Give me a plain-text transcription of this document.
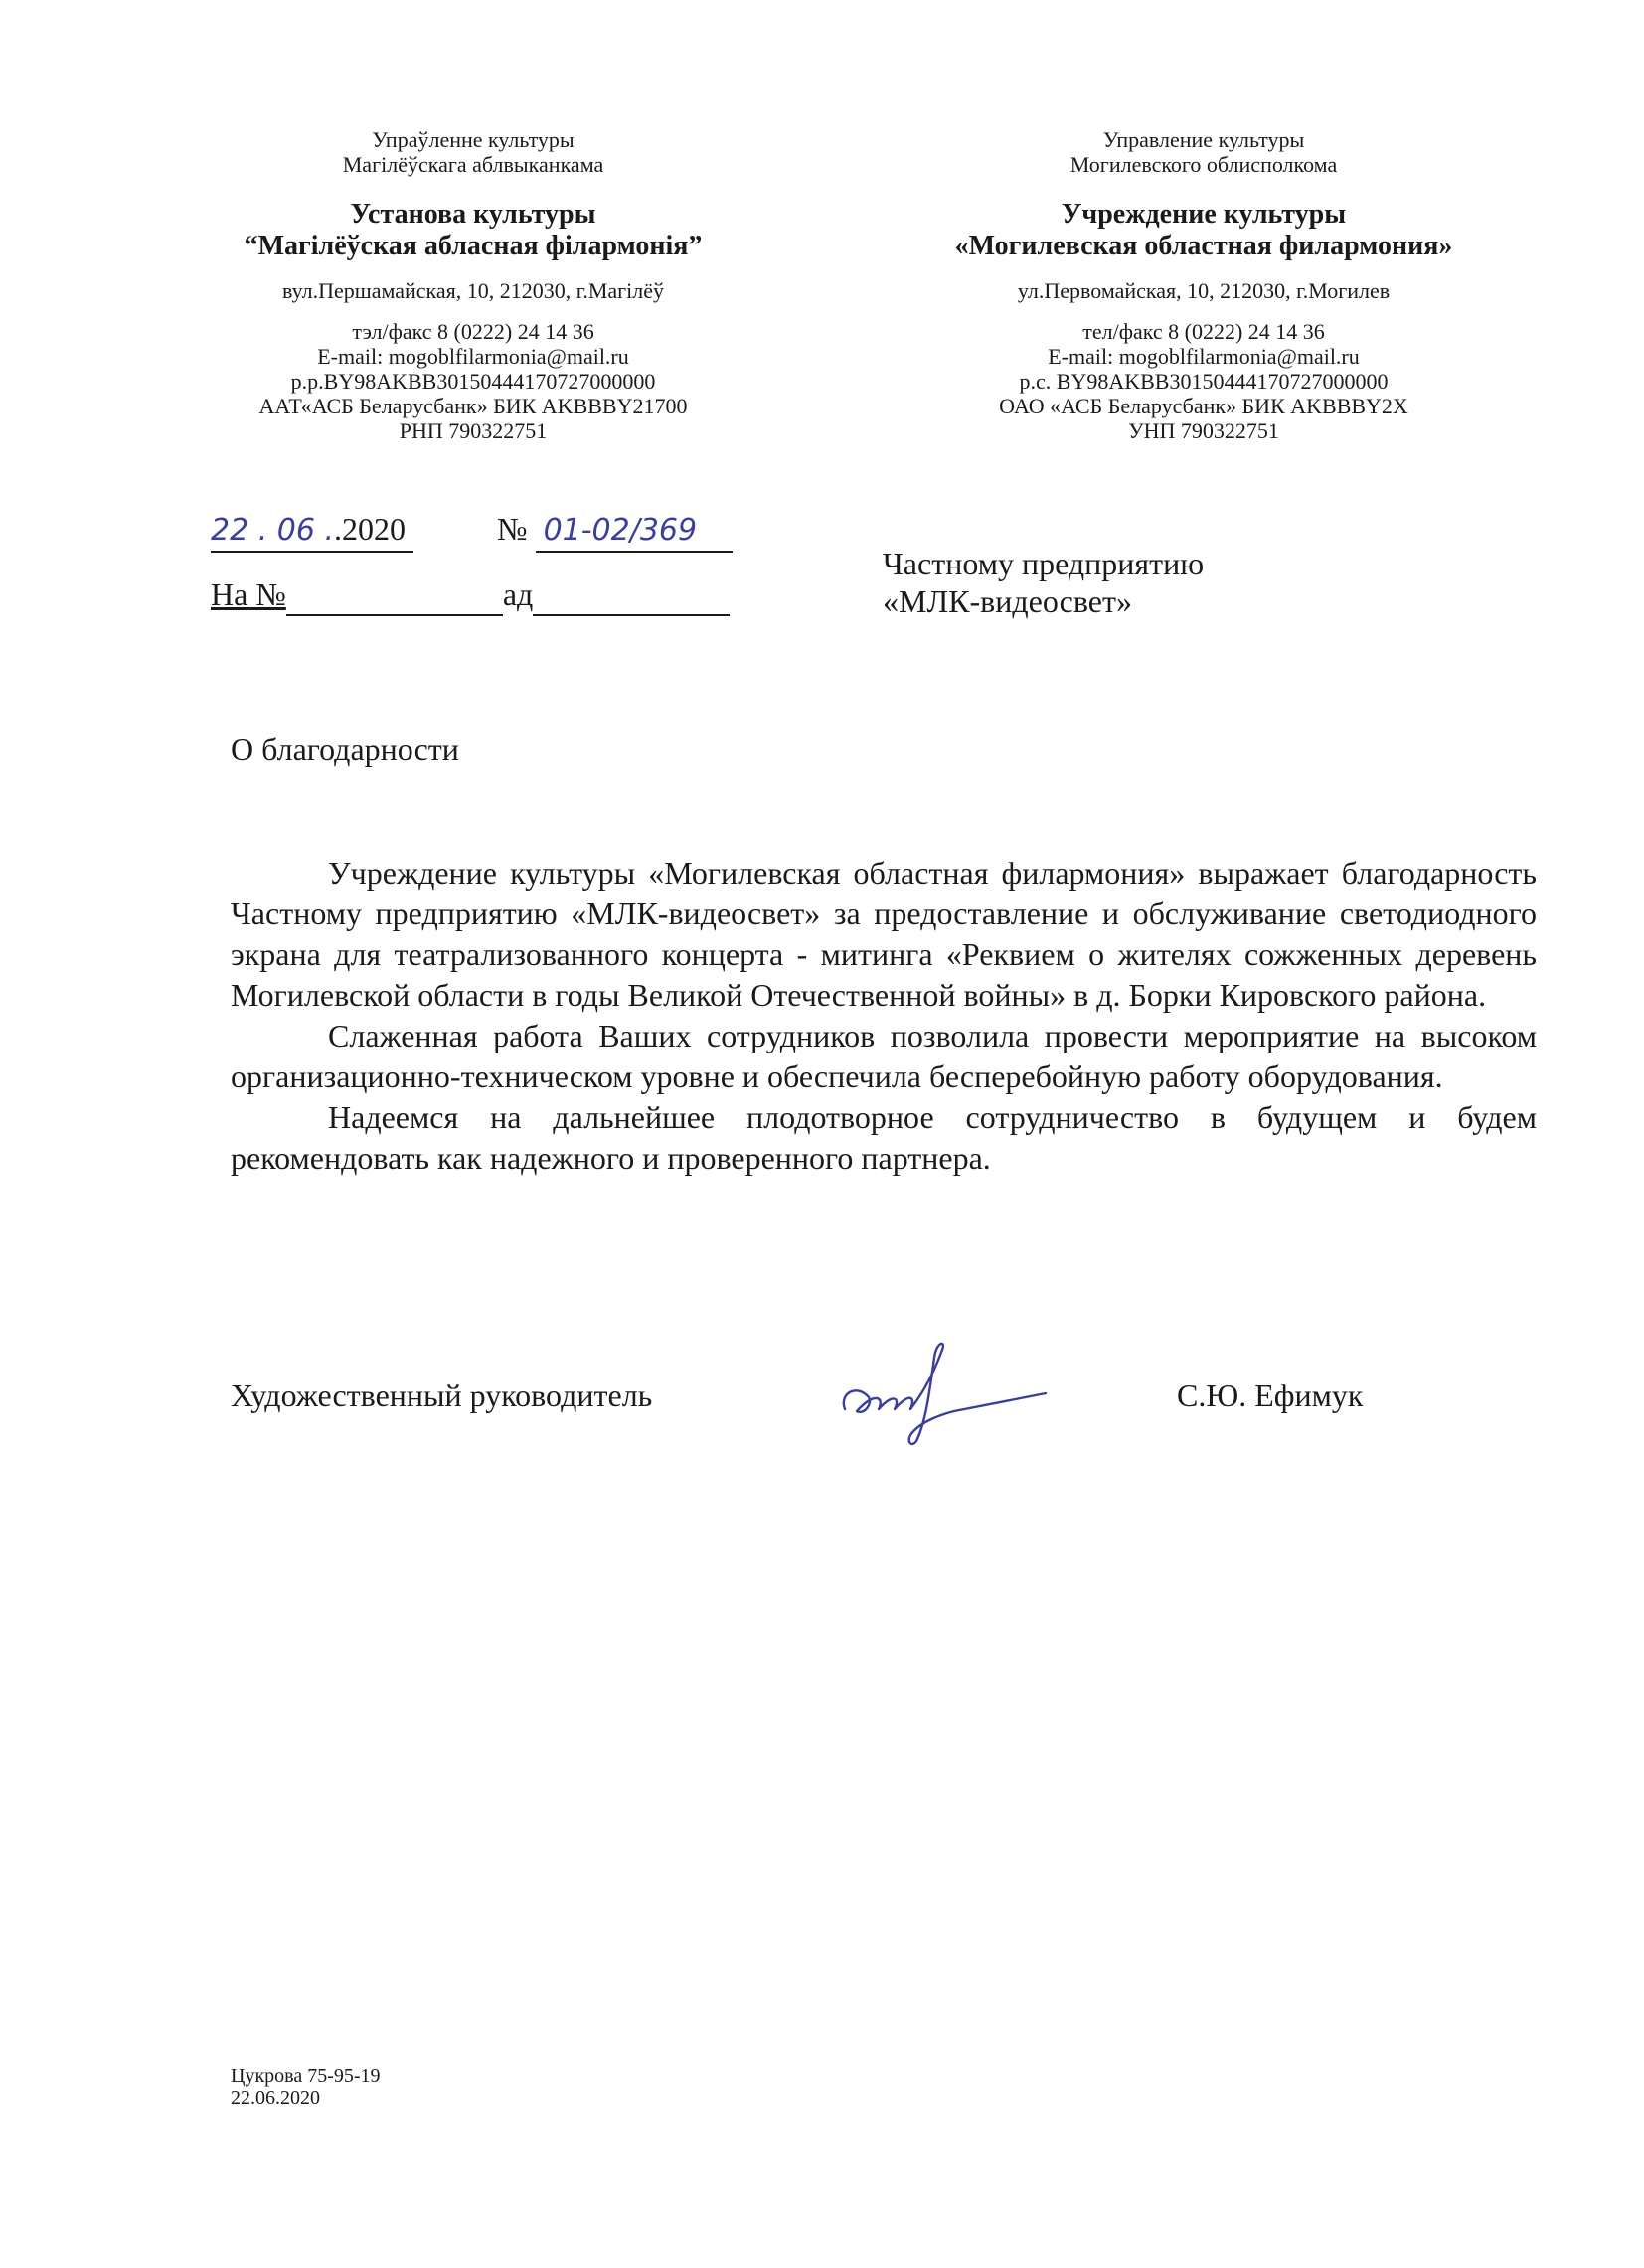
Упраўленне культуры
Магілёўскага аблвыканкама
Установа культуры
“Магілёўская абласная філармонія”
вул.Першамайская, 10, 212030, г.Магілёў
тэл/факс 8 (0222) 24 14 36
E-mail: mogoblfilarmonia@mail.ru
р.р.BY98AKBB30150444170727000000
ААТ«АСБ Беларусбанк» БИК AKBBBY21700
РНП 790322751
Управление культуры
Могилевского облисполкома
Учреждение культуры
«Могилевская областная филармония»
ул.Первомайская, 10, 212030, г.Могилев
тел/факс 8 (0222) 24 14 36
E-mail: mogoblfilarmonia@mail.ru
р.с. BY98AKBB30150444170727000000
ОАО «АСБ Беларусбанк» БИК AKBBBY2X
УНП 790322751
22 . 06 ..2020	№ 01-02/369
На №	ад
Частному предприятию
«МЛК-видеосвет»
О благодарности

Учреждение культуры «Могилевская областная филармония» выражает благодарность Частному предприятию «МЛК-видеосвет» за предоставление и обслуживание светодиодного экрана для театрализованного концерта - митинга «Реквием о жителях сожженных деревень Могилевской области в годы Великой Отечественной войны» в д. Борки Кировского района.

Слаженная работа Ваших сотрудников позволила провести мероприятие на высоком организационно-техническом уровне и обеспечила бесперебойную работу оборудования.

Надеемся на дальнейшее плодотворное сотрудничество в будущем и будем рекомендовать как надежного и проверенного партнера.

Художественный руководитель	С.Ю. Ефимук
Цукрова 75-95-19
22.06.2020
